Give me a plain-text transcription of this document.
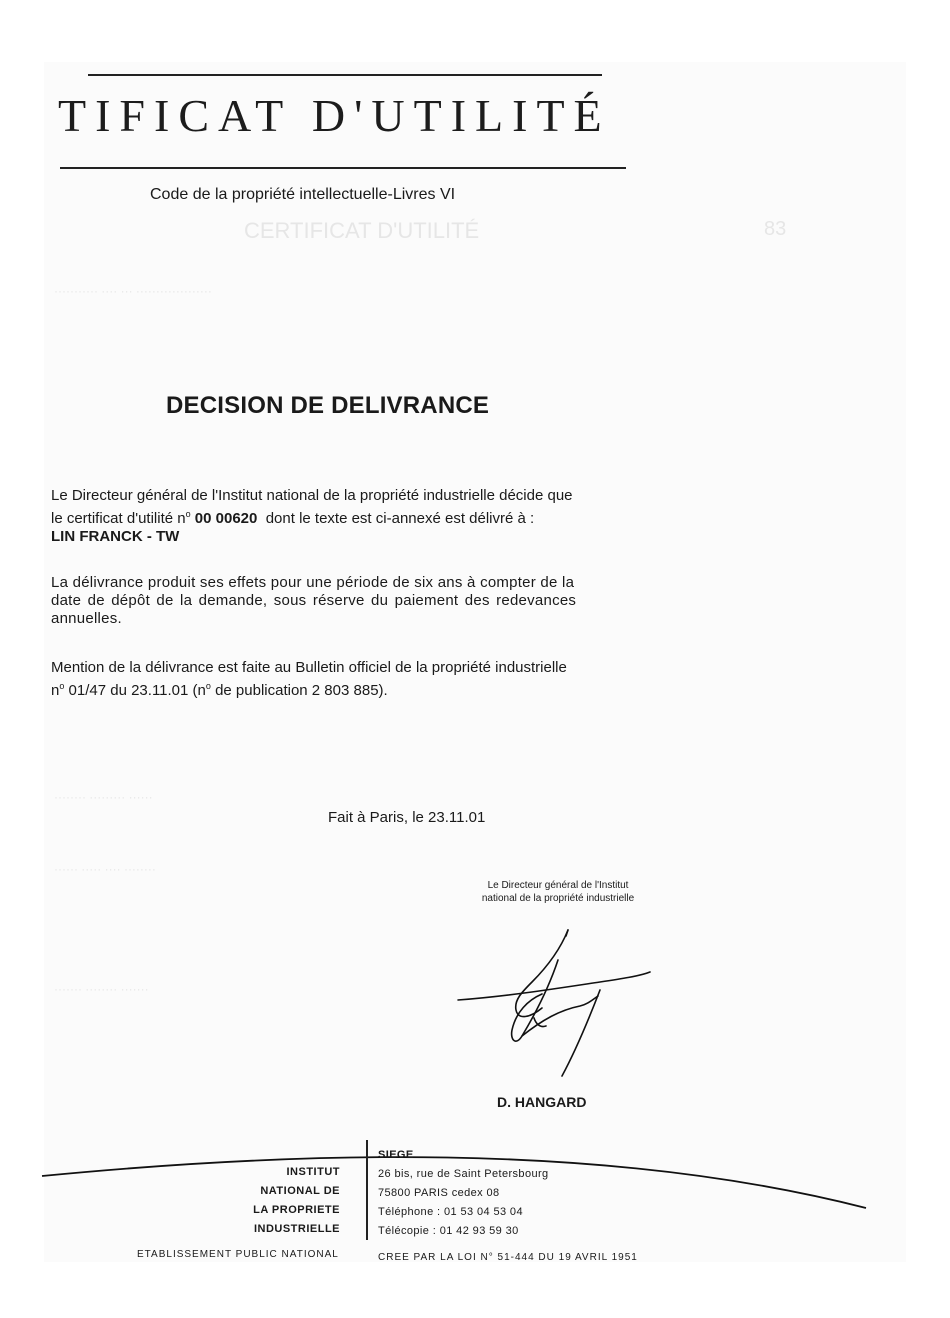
CERTIFICAT D'UTILITÉ	83
··········· ···· ··· ···················
········ ········· ······
······ ····· ···· ········
······· ········ ·······
TIFICAT D'UTILITÉ
Code de la propriété intellectuelle-Livres VI
DECISION DE DELIVRANCE
Le Directeur général de l'Institut national de la propriété industrielle décide que
le certificat d'utilité $n^o$ 00 00620 dont le texte est ci-annexé est délivré à :
LIN FRANCK - TW
La délivrance produit ses effets pour une période de six ans à compter de la
date de dépôt de la demande, sous réserve du paiement des redevances
annuelles.
Mention de la délivrance est faite au Bulletin officiel de la propriété industrielle
$n^o$ 01/47 du 23.11.01 ($n^o$ de publication 2 803 885).
Fait à Paris, le 23.11.01
Le Directeur général de l'Institut
national de la propriété industrielle
D. HANGARD
INSTITUT
NATIONAL DE
LA PROPRIETE
INDUSTRIELLE
SIEGE
26 bis, rue de Saint Petersbourg
75800 PARIS cedex 08
Téléphone : 01 53 04 53 04
Télécopie : 01 42 93 59 30
ETABLISSEMENT PUBLIC NATIONAL	CREE PAR LA LOI N° 51-444 DU 19 AVRIL 1951
